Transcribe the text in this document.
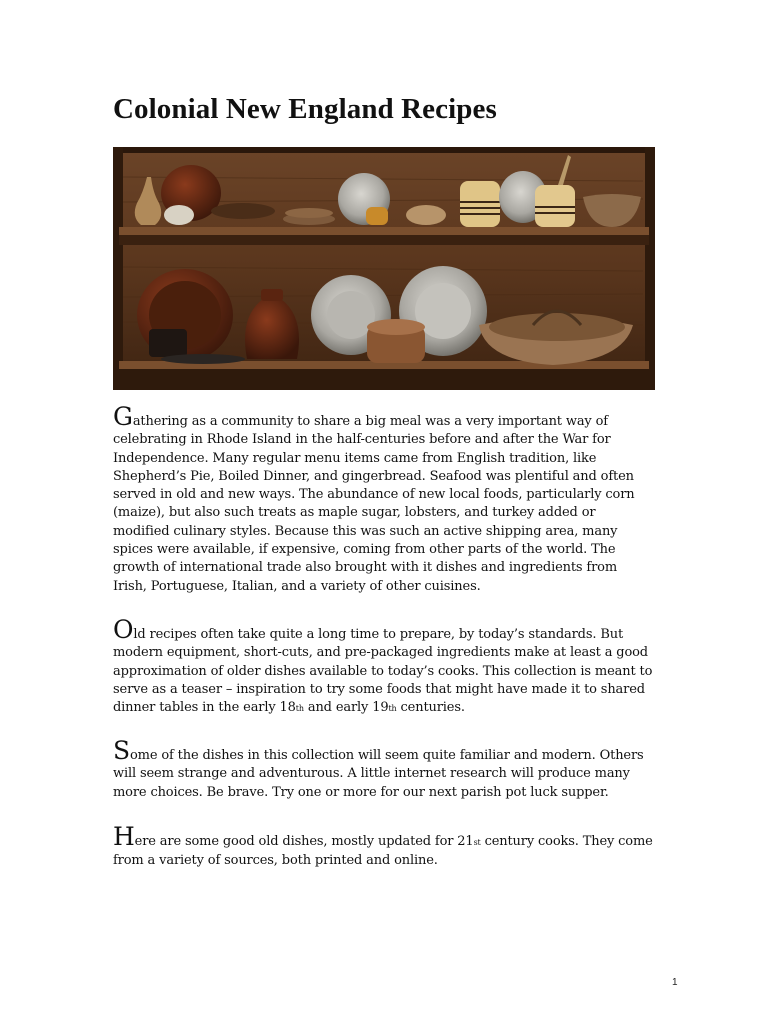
Colonial New England Recipes

Gathering as a community to share a big meal was a very important way of celebrating in Rhode Island in the half-centuries before and after the War for Independence. Many regular menu items came from English tradition, like Shepherd’s Pie, Boiled Dinner, and gingerbread. Seafood was plentiful and often served in old and new ways. The abundance of new local foods, particularly corn (maize), but also such treats as maple sugar, lobsters, and turkey added or modified culinary styles. Because this was such an active shipping area, many spices were available, if expensive, coming from other parts of the world. The growth of international trade also brought with it dishes and ingredients from Irish, Portuguese, Italian, and a variety of other cuisines.

Old recipes often take quite a long time to prepare, by today’s standards. But modern equipment, short-cuts, and pre-packaged ingredients make at least a good approximation of older dishes available to today’s cooks. This collection is meant to serve as a teaser – inspiration to try some foods that might have made it to shared dinner tables in the early 18th and early 19th centuries.

Some of the dishes in this collection will seem quite familiar and modern. Others will seem strange and adventurous. A little internet research will produce many more choices. Be brave. Try one or more for our next parish pot luck supper.

Here are some good old dishes, mostly updated for 21st century cooks. They come from a variety of sources, both printed and online.

1
